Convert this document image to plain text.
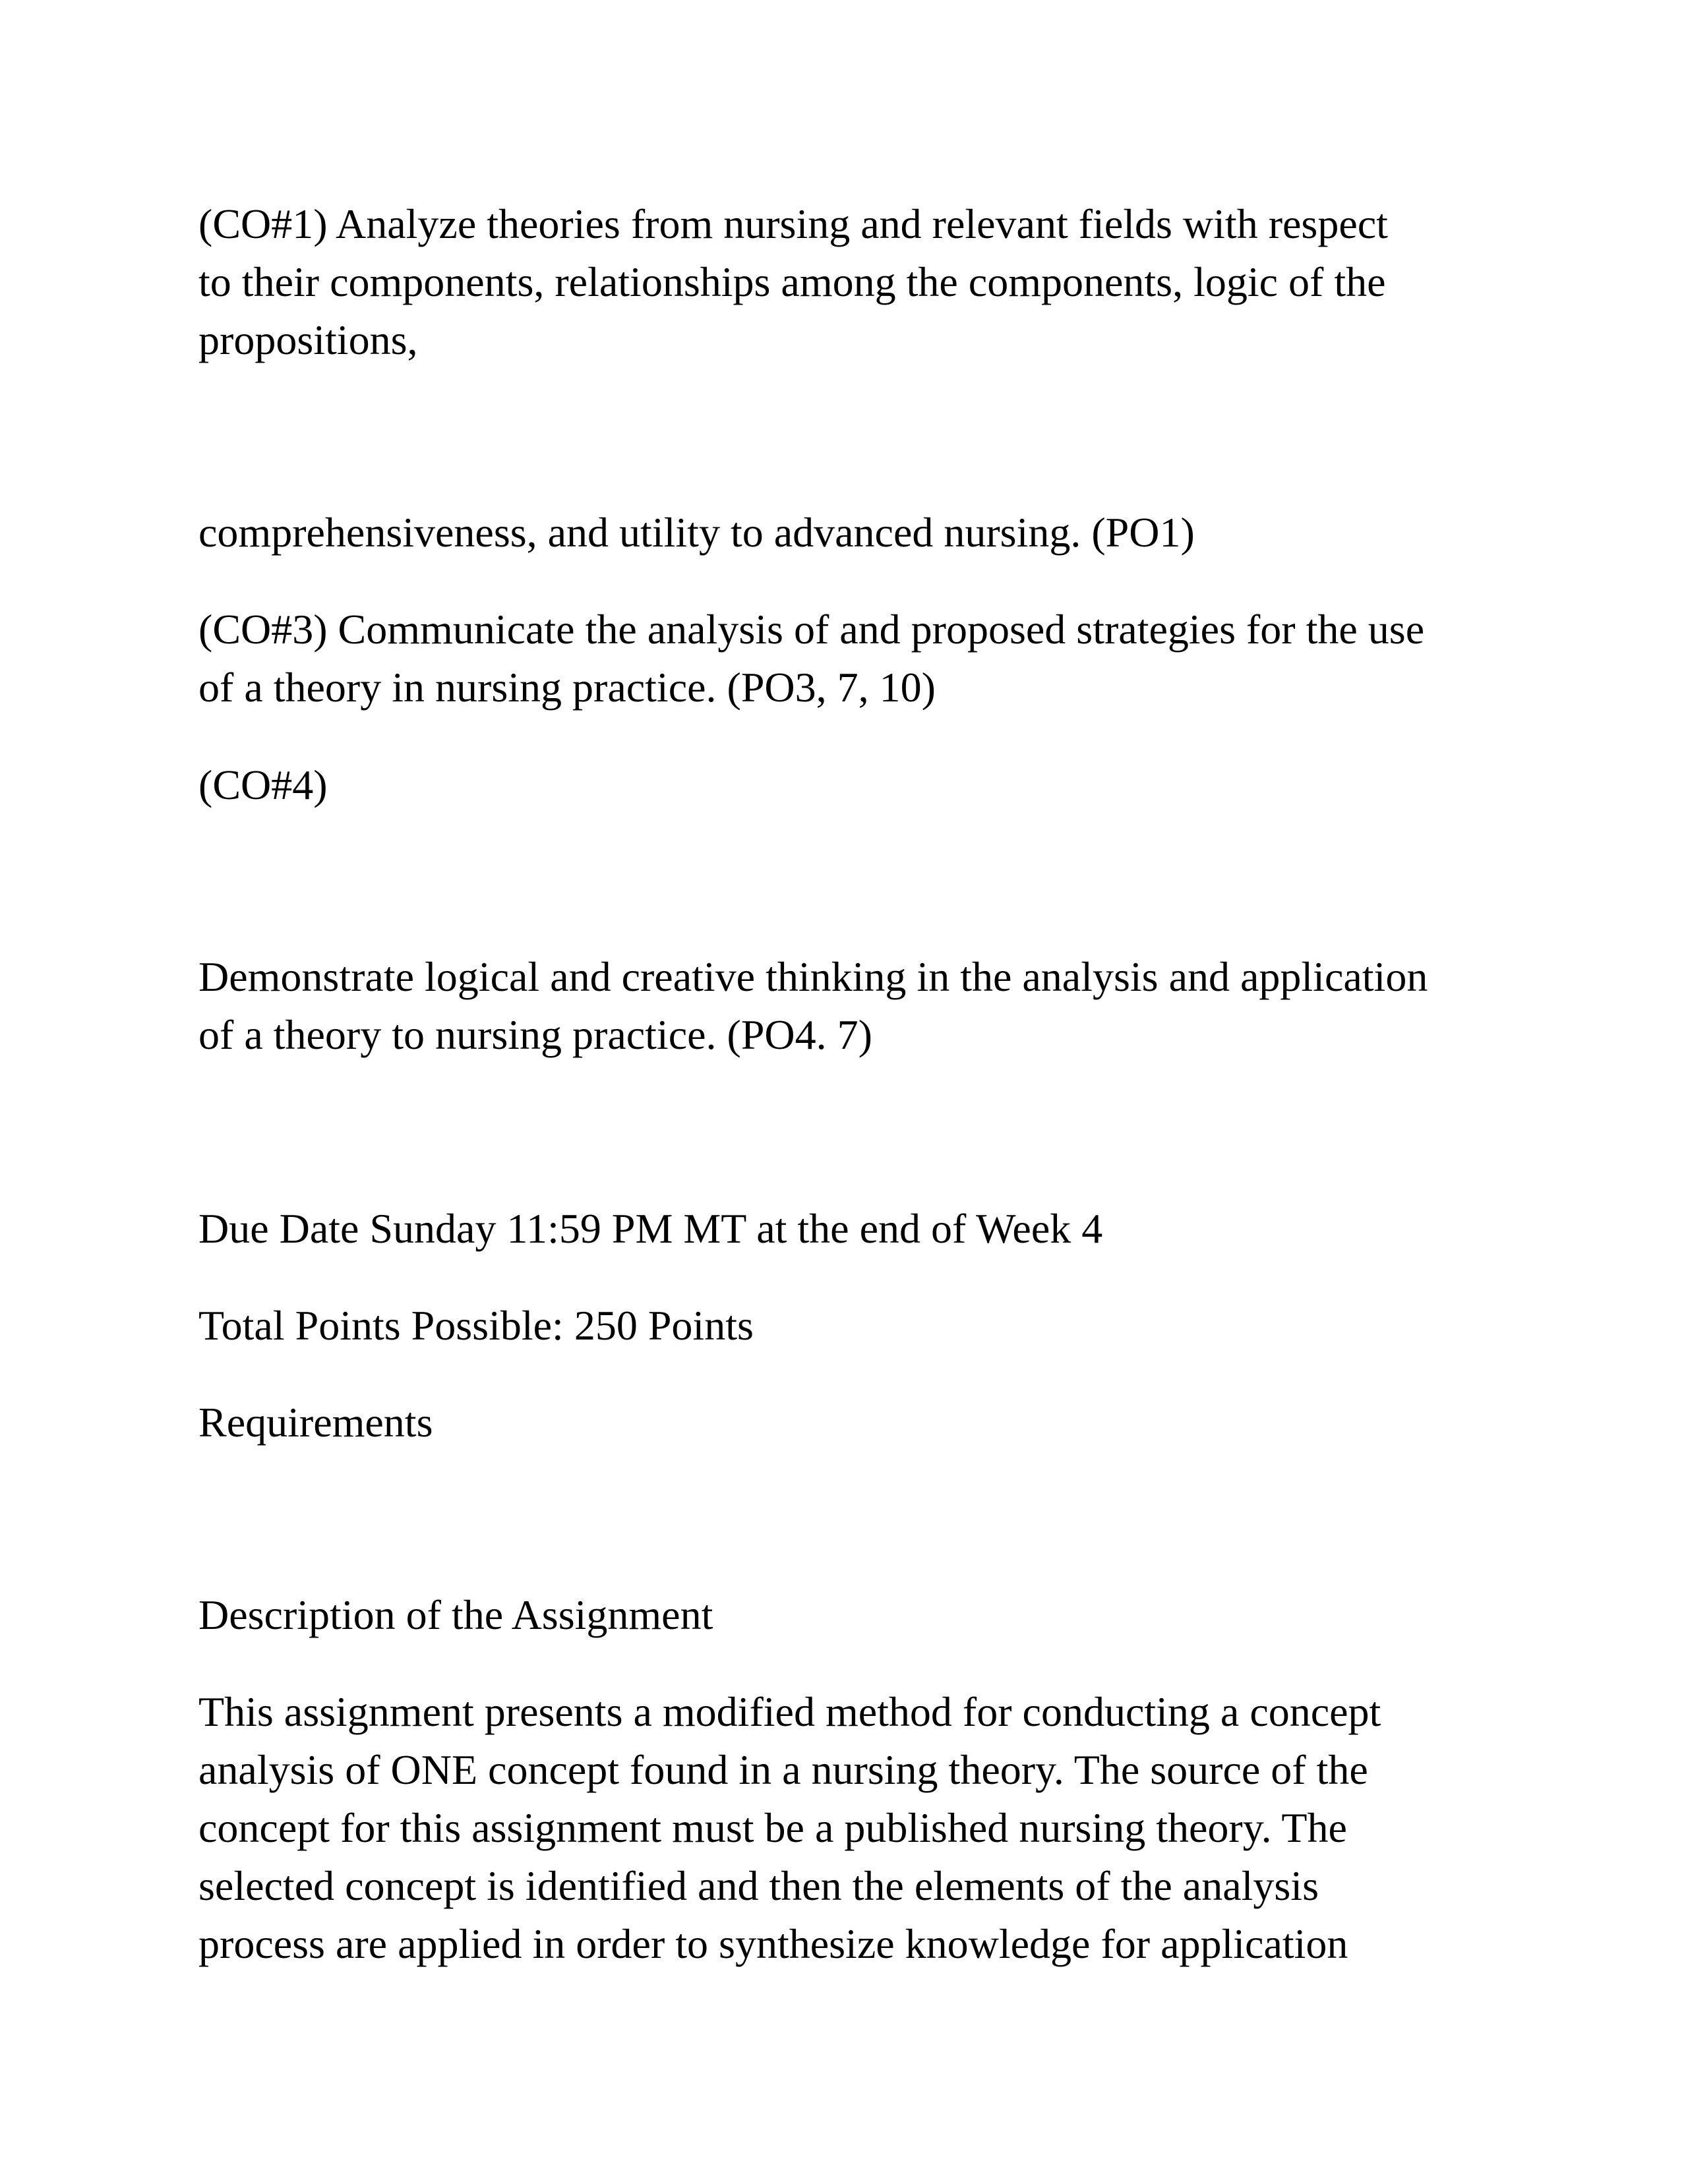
(CO#1) Analyze theories from nursing and relevant fields with respect
to their components, relationships among the components, logic of the
propositions,

comprehensiveness, and utility to advanced nursing. (PO1)

(CO#3) Communicate the analysis of and proposed strategies for the use
of a theory in nursing practice. (PO3, 7, 10)

(CO#4)

Demonstrate logical and creative thinking in the analysis and application
of a theory to nursing practice. (PO4. 7)

Due Date Sunday 11:59 PM MT at the end of Week 4

Total Points Possible: 250 Points

Requirements

Description of the Assignment

This assignment presents a modified method for conducting a concept
analysis of ONE concept found in a nursing theory. The source of the
concept for this assignment must be a published nursing theory. The
selected concept is identified and then the elements of the analysis
process are applied in order to synthesize knowledge for application
